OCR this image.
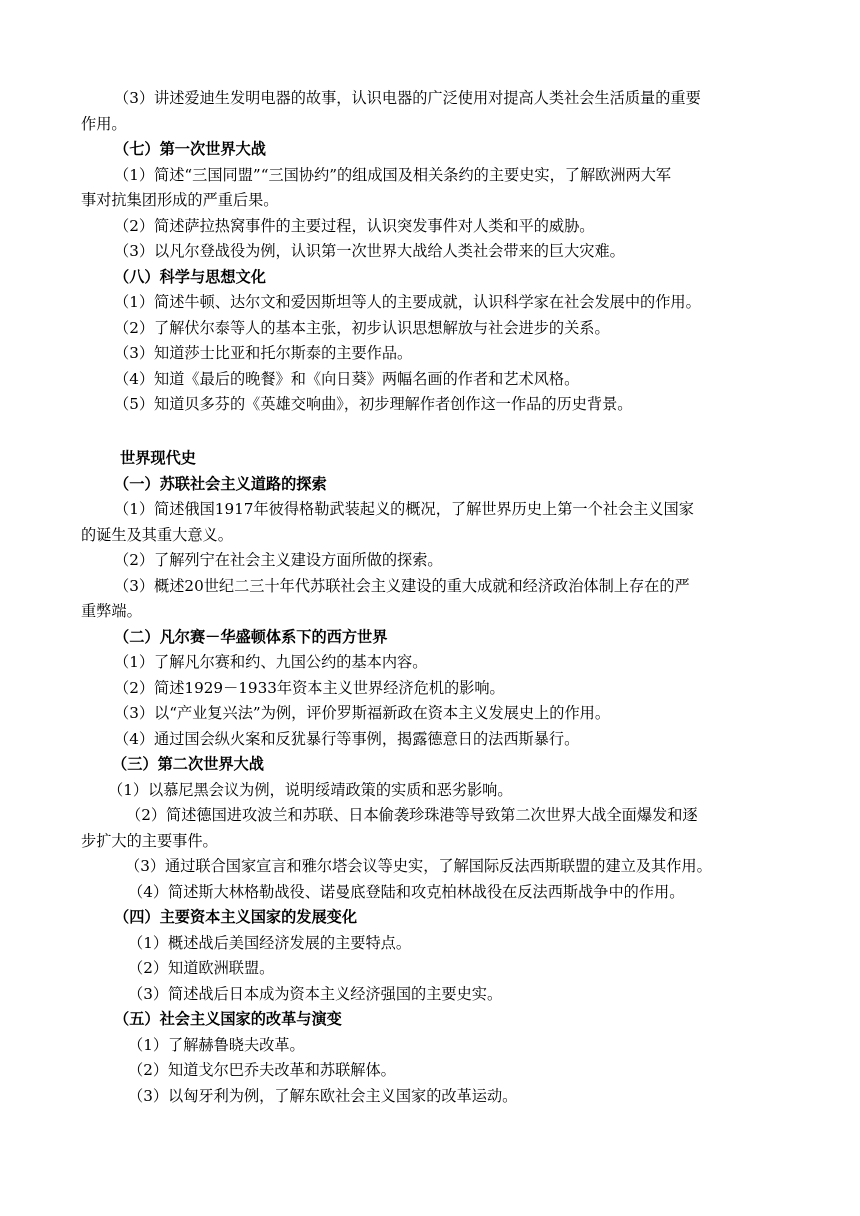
（3）讲述爱迪生发明电器的故事，认识电器的广泛使用对提高人类社会生活质量的重要
作用。
（七）第一次世界大战
（1）简述“三国同盟”“三国协约”的组成国及相关条约的主要史实，了解欧洲两大军
事对抗集团形成的严重后果。
（2）简述萨拉热窝事件的主要过程，认识突发事件对人类和平的威胁。
（3）以凡尔登战役为例，认识第一次世界大战给人类社会带来的巨大灾难。
（八）科学与思想文化
（1）简述牛顿、达尔文和爱因斯坦等人的主要成就，认识科学家在社会发展中的作用。
（2）了解伏尔泰等人的基本主张，初步认识思想解放与社会进步的关系。
（3）知道莎士比亚和托尔斯泰的主要作品。
（4）知道《最后的晚餐》和《向日葵》两幅名画的作者和艺术风格。
（5）知道贝多芬的《英雄交响曲》，初步理解作者创作这一作品的历史背景。
世界现代史
（一）苏联社会主义道路的探索
（1）简述俄国1917年彼得格勒武装起义的概况，了解世界历史上第一个社会主义国家
的诞生及其重大意义。
（2）了解列宁在社会主义建设方面所做的探索。
（3）概述20世纪二三十年代苏联社会主义建设的重大成就和经济政治体制上存在的严
重弊端。
（二）凡尔赛－华盛顿体系下的西方世界
（1）了解凡尔赛和约、九国公约的基本内容。
（2）简述1929－1933年资本主义世界经济危机的影响。
（3）以“产业复兴法”为例，评价罗斯福新政在资本主义发展史上的作用。
（4）通过国会纵火案和反犹暴行等事例，揭露德意日的法西斯暴行。
（三）第二次世界大战
（1）以慕尼黑会议为例，说明绥靖政策的实质和恶劣影响。
（2）简述德国进攻波兰和苏联、日本偷袭珍珠港等导致第二次世界大战全面爆发和逐
步扩大的主要事件。
（3）通过联合国家宣言和雅尔塔会议等史实，了解国际反法西斯联盟的建立及其作用。
（4）简述斯大林格勒战役、诺曼底登陆和攻克柏林战役在反法西斯战争中的作用。
（四）主要资本主义国家的发展变化
（1）概述战后美国经济发展的主要特点。
（2）知道欧洲联盟。
（3）简述战后日本成为资本主义经济强国的主要史实。
（五）社会主义国家的改革与演变
（1）了解赫鲁晓夫改革。
（2）知道戈尔巴乔夫改革和苏联解体。
（3）以匈牙利为例，了解东欧社会主义国家的改革运动。
